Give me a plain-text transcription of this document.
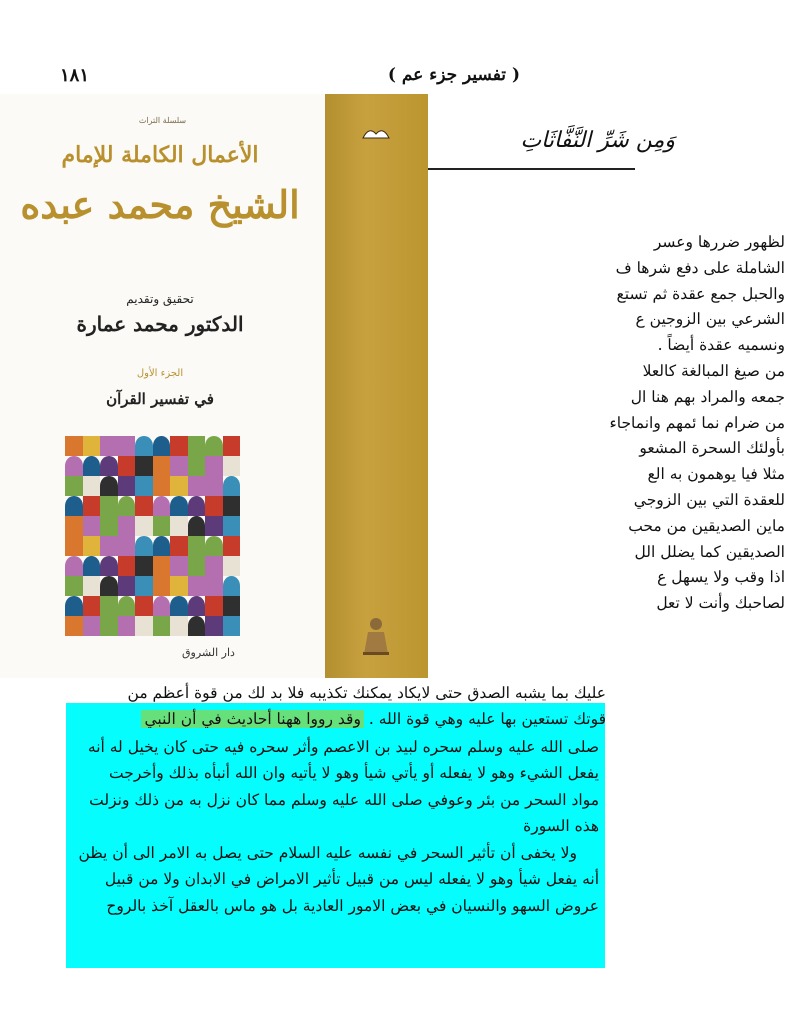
( تفسير جزء عم )
١٨١
سلسلة التراث
الأعمال الكاملة للإمام
الشيخ محمد عبده
تحقيق وتقديم
الدكتور محمد عمارة
الجزء الأول
في تفسير القرآن
دار الشروق
وَمِن شَرِّ النَّفَّاثَاتِ
لظهور ضررها وعسر
الشاملة على دفع شرها ف
والحبل جمع عقدة ثم تستع
الشرعي بين الزوجين ع
ونسميه عقدة أيضاً .
من صيغ المبالغة كالعلا
جمعه والمراد بهم هنا ال
من ضرام نما ئمهم وانماجاء
بأولئك السحرة المشعو
مثلا فيا يوهمون به الع
للعقدة التي بين الزوجي
ماين الصديقين من محب
الصديقين كما يضلل الل
اذا وقب ولا يسهل ع
لصاحبك وأنت لا تعل
عليك بما يشبه الصدق حتى لايكاد يمكنك تكذيبه فلا بد لك من قوة أعظم من
قوتك تستعين بها عليه وهي قوة الله . وقد رووا ههنا أحاديث في أن النبي
صلى الله عليه وسلم سحره لبيد بن الاعصم وأثر سحره فيه حتى كان يخيل له أنه
يفعل الشيء وهو لا يفعله أو يأتي شيأ وهو لا يأتيه وان الله أنبأه بذلك وأخرجت
مواد السحر من بئر وعوفي صلى الله عليه وسلم مما كان نزل به من ذلك ونزلت
هذه السورة
ولا يخفى أن تأثير السحر في نفسه عليه السلام حتى يصل به الامر الى أن يظن
أنه يفعل شيأ وهو لا يفعله ليس من قبيل تأثير الامراض في الابدان ولا من قبيل
عروض السهو والنسيان في بعض الامور العادية بل هو ماس بالعقل آخذ بالروح
